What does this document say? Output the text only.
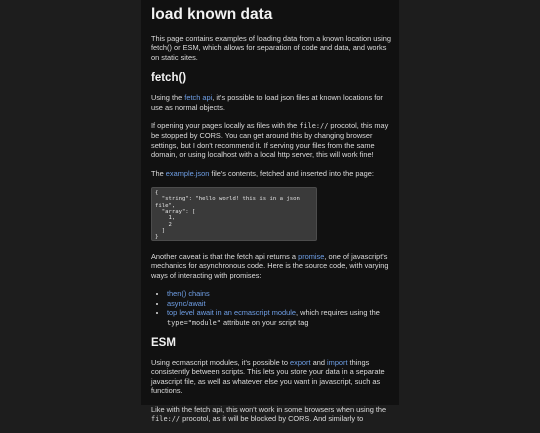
load known data

This page contains examples of loading data from a known location using fetch() or ESM, which allows for separation of code and data, and works on static sites.

fetch()

Using the fetch api, it's possible to load json files at known locations for use as normal objects.

If opening your pages locally as files with the file:// procotol, this may be stopped by CORS. You can get around this by changing browser settings, but I don't recommend it. If serving your files from the same domain, or using localhost with a local http server, this will work fine!

The example.json file's contents, fetched and inserted into the page:

{
"string": "hello world! this is in a json
file",
"array": [
1,
2
]
}

Another caveat is that the fetch api returns a promise, one of javascript's mechanics for asynchronous code. Here is the source code, with varying ways of interacting with promises:

• then() chains
• async/await
• top level await in an ecmascript module, which requires using the type="module" attribute on your script tag
ESM

Using ecmascript modules, it's possible to export and import things consistently between scripts. This lets you store your data in a separate javascript file, as well as whatever else you want in javascript, such as functions.

Like with the fetch api, this won't work in some browsers when using the file:// procotol, as it will be blocked by CORS. And similarly to
